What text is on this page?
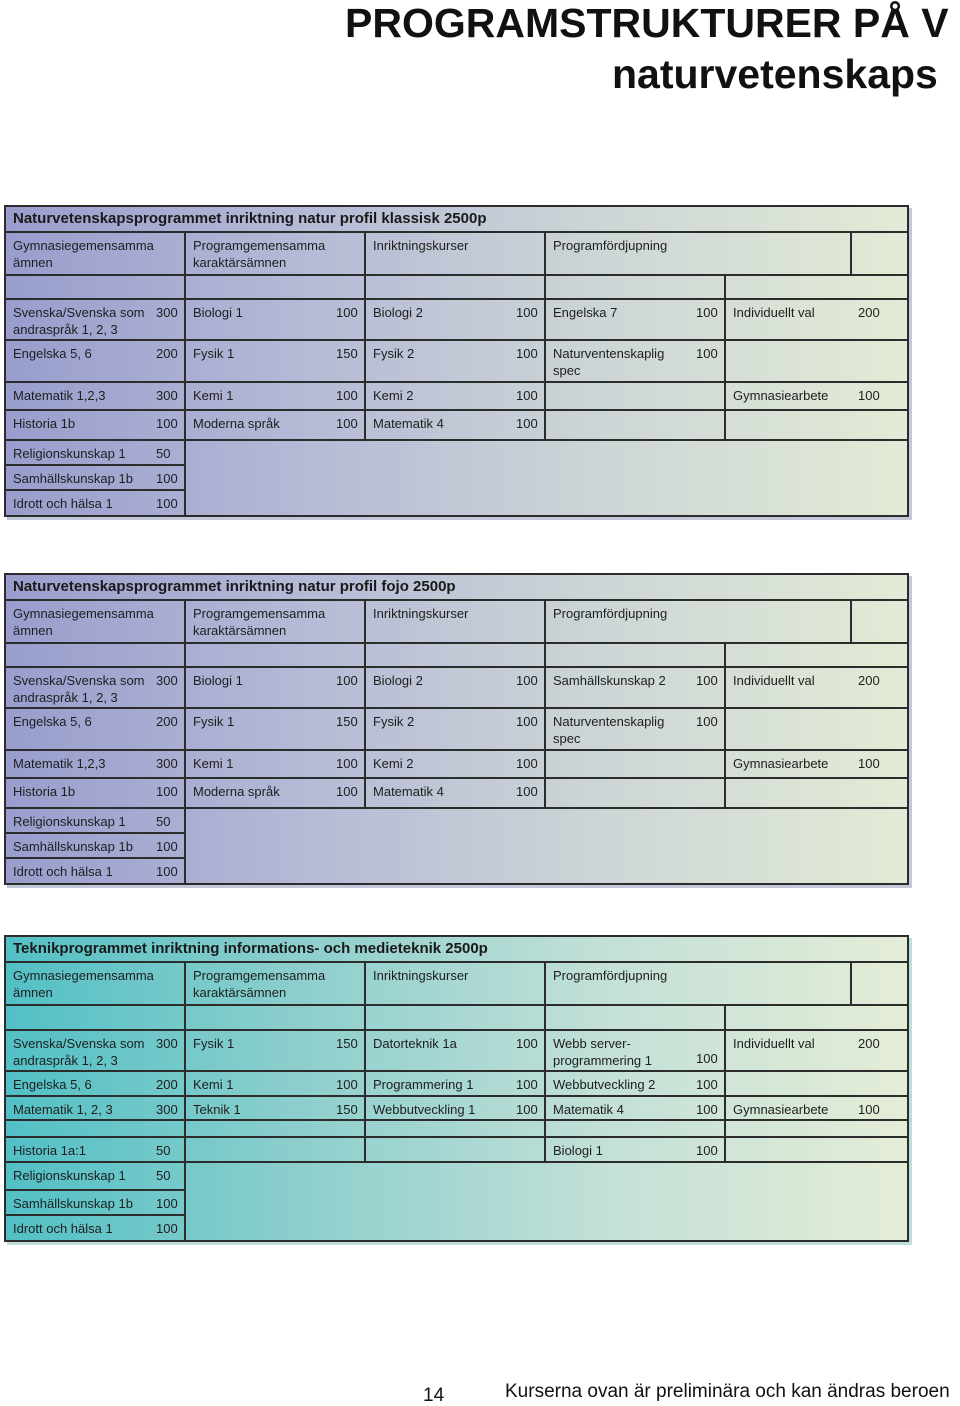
PROGRAMSTRUKTURER PÅ V
naturvetenskaps
Naturvetenskapsprogrammet inriktning natur profil klassisk 2500p
Gymnasiegemensamma ämnen		Programgemensamma karaktärsämnen		Inriktningskurser		Programfördjupning			

Svenska/Svenska som andraspråk 1, 2, 3	300	Biologi 1	100	Biologi 2	100	Engelska 7	100	Individuellt val	200
Engelska 5, 6	200	Fysik 1	150	Fysik 2	100	Naturventenskaplig spec	100		
Matematik 1,2,3	300	Kemi 1	100	Kemi 2	100			Gymnasiearbete	100
Historia 1b	100	Moderna språk	100	Matematik 4	100				
Religionskunskap 1	50								
Samhällskunskap 1b	100								
Idrott och hälsa 1	100								
Naturvetenskapsprogrammet inriktning natur profil fojo 2500p
Gymnasiegemensamma ämnen		Programgemensamma karaktärsämnen		Inriktningskurser		Programfördjupning			

Svenska/Svenska som andraspråk 1, 2, 3	300	Biologi 1	100	Biologi 2	100	Samhällskunskap 2	100	Individuellt val	200
Engelska 5, 6	200	Fysik 1	150	Fysik 2	100	Naturventenskaplig spec	100		
Matematik 1,2,3	300	Kemi 1	100	Kemi 2	100			Gymnasiearbete	100
Historia 1b	100	Moderna språk	100	Matematik 4	100				
Religionskunskap 1	50								
Samhällskunskap 1b	100								
Idrott och hälsa 1	100								
Teknikprogrammet inriktning informations- och medieteknik 2500p
Gymnasiegemensamma ämnen		Programgemensamma karaktärsämnen		Inriktningskurser		Programfördjupning			

Svenska/Svenska som andraspråk 1, 2, 3	300	Fysik 1	150	Datorteknik 1a	100	Webb server-programmering 1	100	Individuellt val	200
Engelska 5, 6	200	Kemi 1	100	Programmering 1	100	Webbutveckling 2	100		
Matematik 1, 2, 3	300	Teknik 1	150	Webbutveckling 1	100	Matematik 4	100	Gymnasiearbete	100

Historia 1a:1	50					Biologi 1	100		
Religionskunskap 1	50								
Samhällskunskap 1b	100								
Idrott och hälsa 1	100								
14	Kurserna ovan är preliminära och kan ändras beroen
